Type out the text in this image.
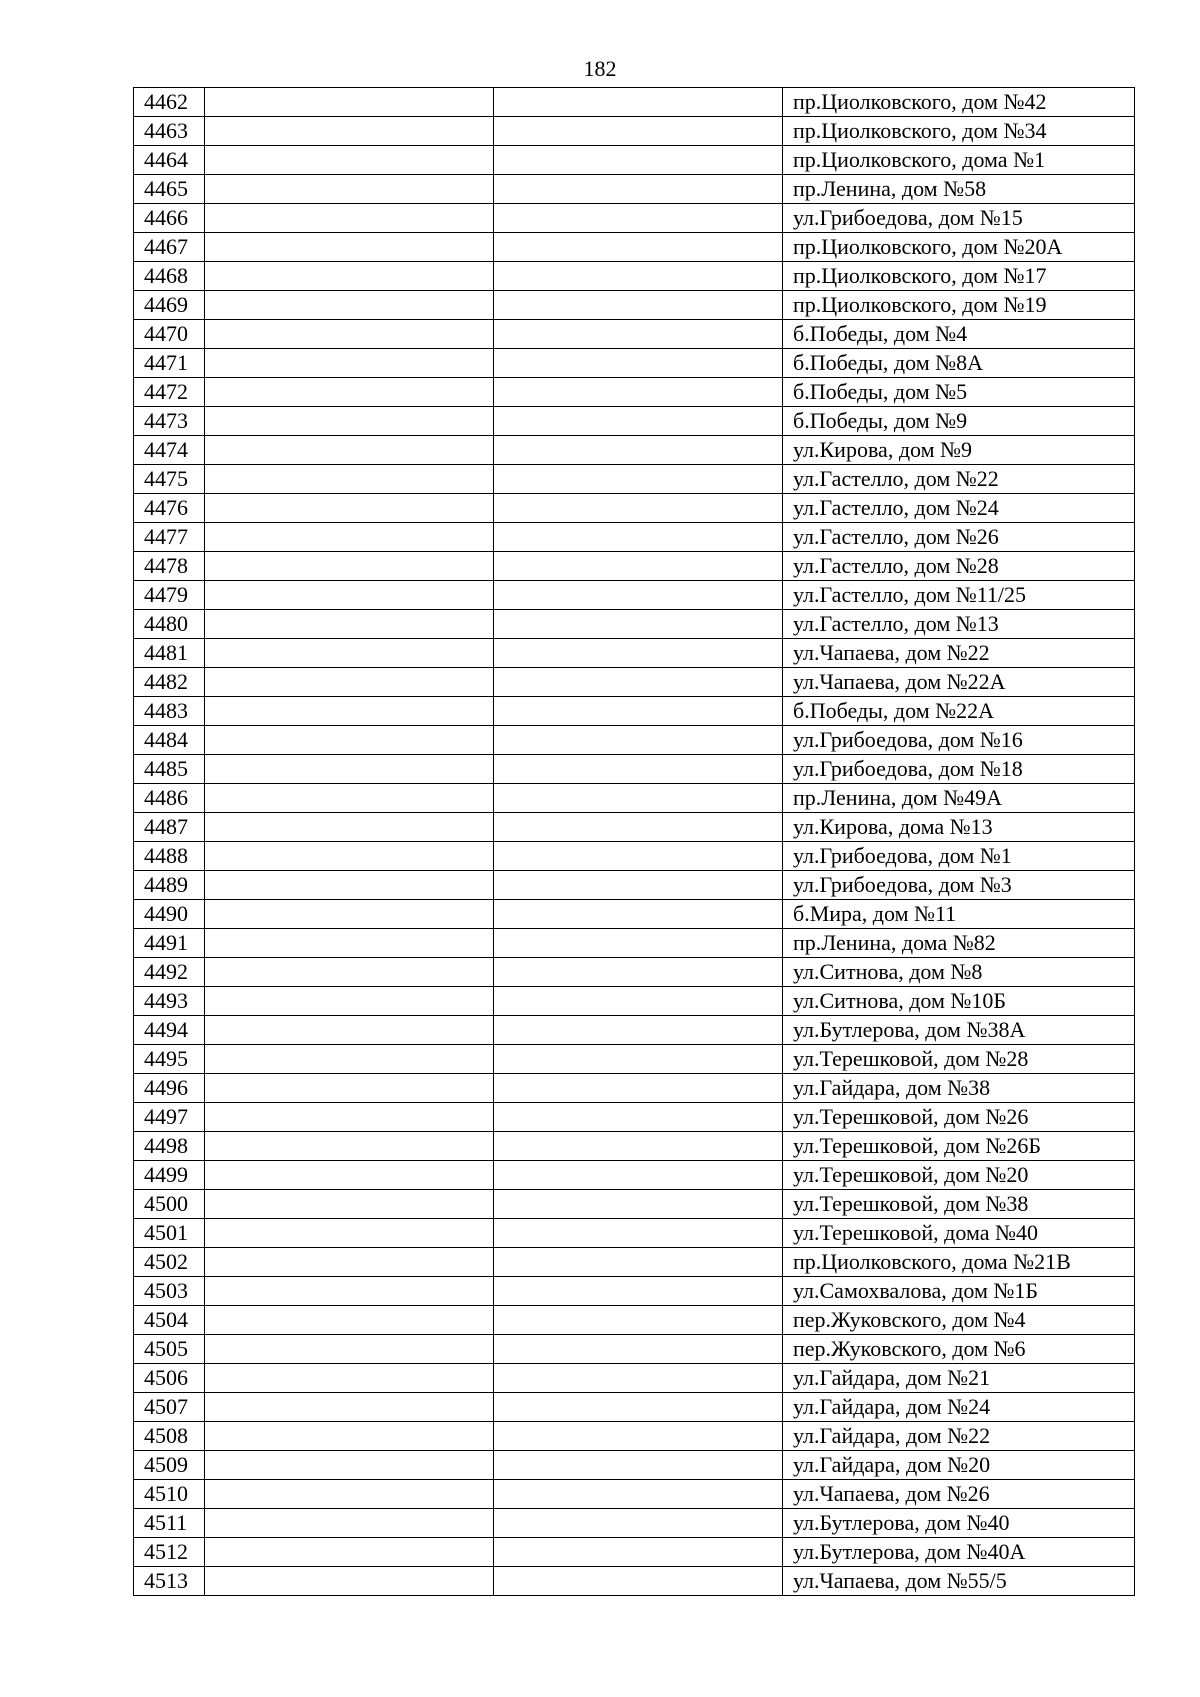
182
4462			пр.Циолковского, дом №42
4463			пр.Циолковского, дом №34
4464			пр.Циолковского, дома №1
4465			пр.Ленина, дом №58
4466			ул.Грибоедова, дом №15
4467			пр.Циолковского, дом №20А
4468			пр.Циолковского, дом №17
4469			пр.Циолковского, дом №19
4470			б.Победы, дом №4
4471			б.Победы, дом №8А
4472			б.Победы, дом №5
4473			б.Победы, дом №9
4474			ул.Кирова, дом №9
4475			ул.Гастелло, дом №22
4476			ул.Гастелло, дом №24
4477			ул.Гастелло, дом №26
4478			ул.Гастелло, дом №28
4479			ул.Гастелло, дом №11/25
4480			ул.Гастелло, дом №13
4481			ул.Чапаева, дом №22
4482			ул.Чапаева, дом №22А
4483			б.Победы, дом №22А
4484			ул.Грибоедова, дом №16
4485			ул.Грибоедова, дом №18
4486			пр.Ленина, дом №49А
4487			ул.Кирова, дома №13
4488			ул.Грибоедова, дом №1
4489			ул.Грибоедова, дом №3
4490			б.Мира, дом №11
4491			пр.Ленина, дома №82
4492			ул.Ситнова, дом №8
4493			ул.Ситнова, дом №10Б
4494			ул.Бутлерова, дом №38А
4495			ул.Терешковой, дом №28
4496			ул.Гайдара, дом №38
4497			ул.Терешковой, дом №26
4498			ул.Терешковой, дом №26Б
4499			ул.Терешковой, дом №20
4500			ул.Терешковой, дом №38
4501			ул.Терешковой, дома №40
4502			пр.Циолковского, дома №21В
4503			ул.Самохвалова, дом №1Б
4504			пер.Жуковского, дом №4
4505			пер.Жуковского, дом №6
4506			ул.Гайдара, дом №21
4507			ул.Гайдара, дом №24
4508			ул.Гайдара, дом №22
4509			ул.Гайдара, дом №20
4510			ул.Чапаева, дом №26
4511			ул.Бутлерова, дом №40
4512			ул.Бутлерова, дом №40А
4513			ул.Чапаева, дом №55/5
